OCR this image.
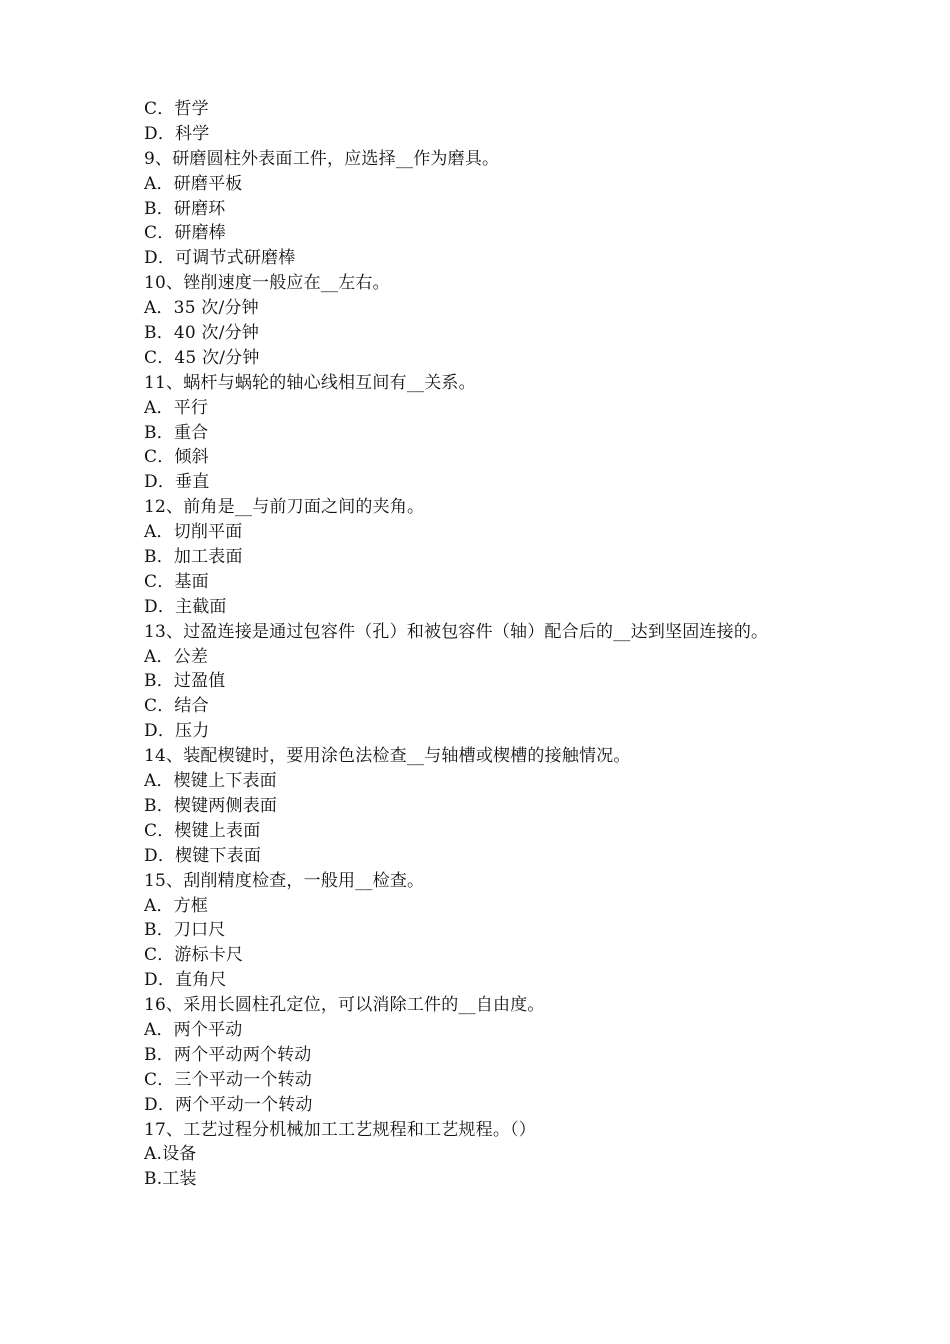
C．哲学
D．科学
9、研磨圆柱外表面工件，应选择__作为磨具。
A．研磨平板
B．研磨环
C．研磨棒
D．可调节式研磨棒
10、锉削速度一般应在__左右。
A．35 次/分钟
B．40 次/分钟
C．45 次/分钟
11、蜗杆与蜗轮的轴心线相互间有__关系。
A．平行
B．重合
C．倾斜
D．垂直
12、前角是__与前刀面之间的夹角。
A．切削平面
B．加工表面
C．基面
D．主截面
13、过盈连接是通过包容件（孔）和被包容件（轴）配合后的__达到坚固连接的。
A．公差
B．过盈值
C．结合
D．压力
14、装配楔键时，要用涂色法检查__与轴槽或楔槽的接触情况。
A．楔键上下表面
B．楔键两侧表面
C．楔键上表面
D．楔键下表面
15、刮削精度检查，一般用__检查。
A．方框
B．刀口尺
C．游标卡尺
D．直角尺
16、采用长圆柱孔定位，可以消除工件的__自由度。
A．两个平动
B．两个平动两个转动
C．三个平动一个转动
D．两个平动一个转动
17、工艺过程分机械加工工艺规程和工艺规程。（）
A.设备
B.工装
